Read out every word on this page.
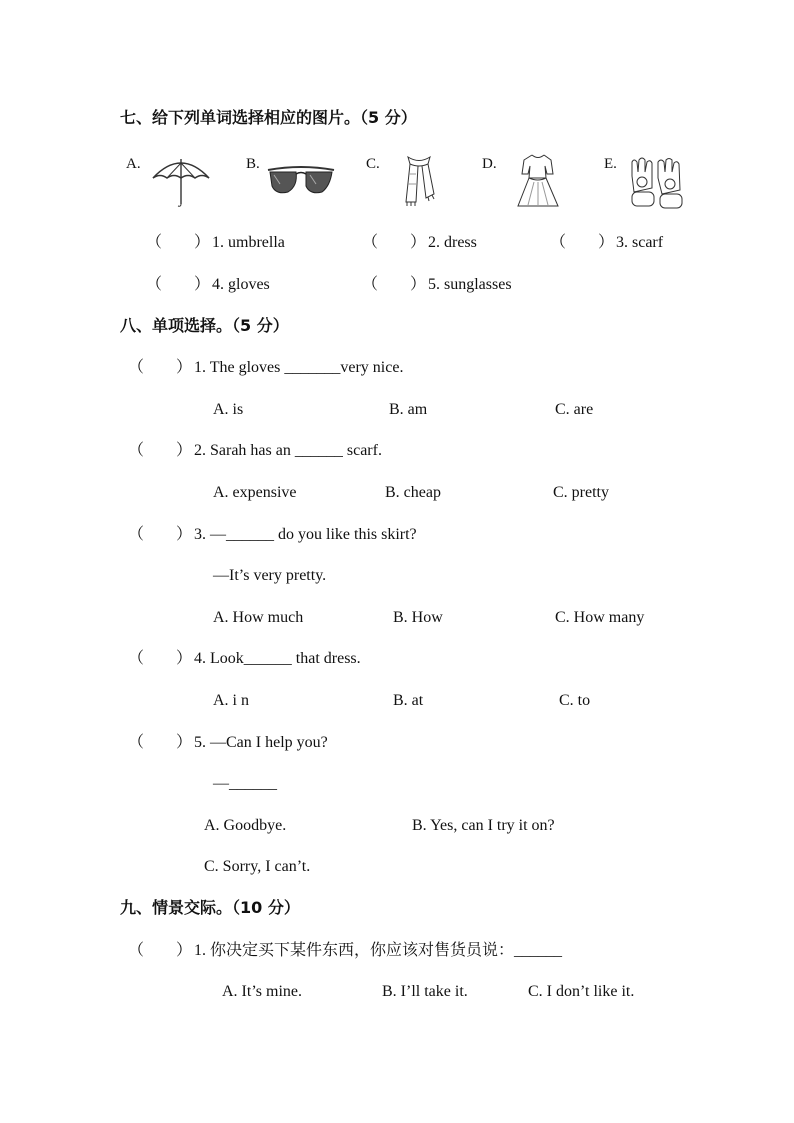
七、给下列单词选择相应的图片。（5 分）
A.	B.	C.	D.	E.
（ ） 1. umbrella	（ ） 2. dress	（ ） 3. scarf
（ ） 4. gloves	（ ） 5. sunglasses
八、单项选择。（5 分）
（ ） 1. The gloves _______very nice.
A. is	B. am	C. are
（ ） 2. Sarah has an ______ scarf.
A. expensive	B. cheap	C. pretty
（ ） 3. —______ do you like this skirt?
—It’s very pretty.
A. How much	B. How	C. How many
（ ） 4. Look______ that dress.
A. i n	B. at	C. to
（ ） 5. —Can I help you?
—______
A. Goodbye.	B. Yes, can I try it on?
C. Sorry, I can’t.
九、情景交际。（10 分）
（ ） 1. 你决定买下某件东西，你应该对售货员说：______
A. It’s mine.	B. I’ll take it.	C. I don’t like it.
